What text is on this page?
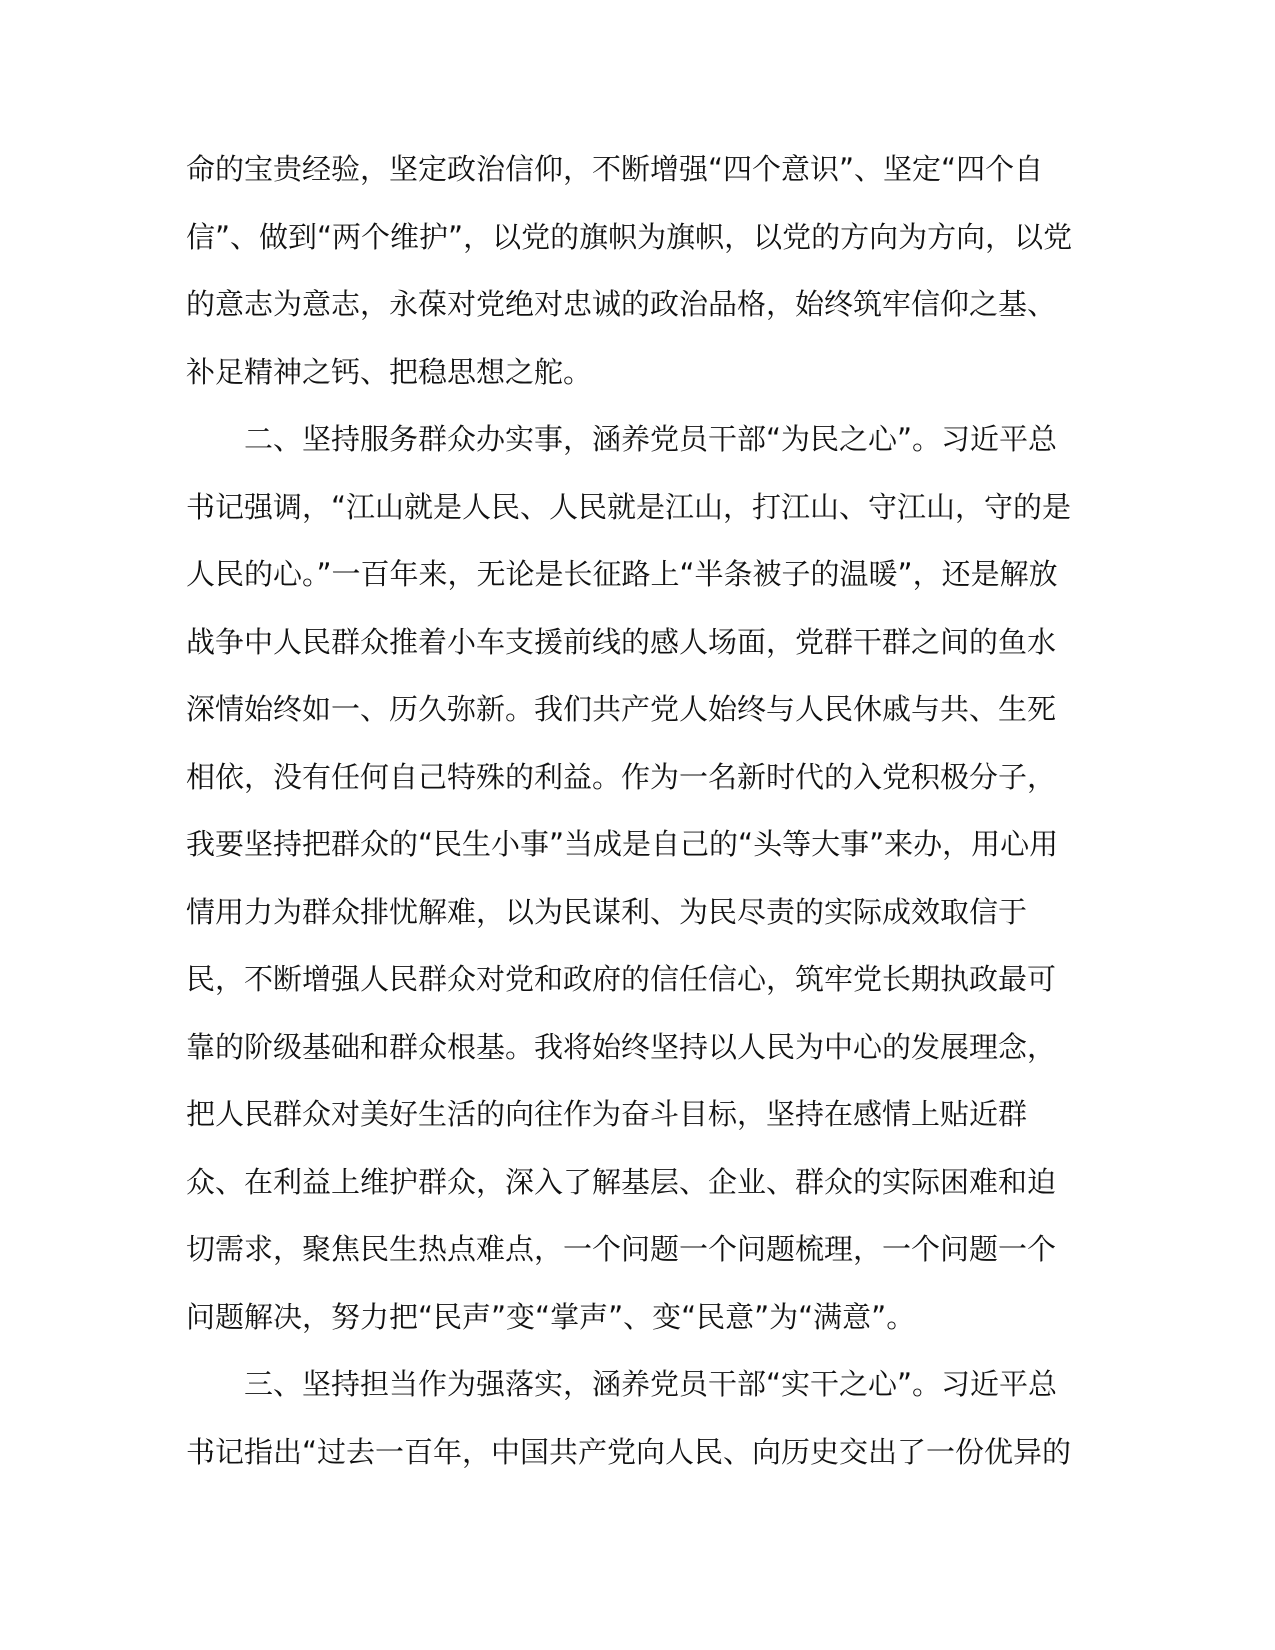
命的宝贵经验，坚定政治信仰，不断增强“四个意识”、坚定“四个自
信”、做到“两个维护”，以党的旗帜为旗帜，以党的方向为方向，以党
的意志为意志，永葆对党绝对忠诚的政治品格，始终筑牢信仰之基、
补足精神之钙、把稳思想之舵。
二、坚持服务群众办实事，涵养党员干部“为民之心”。习近平总
书记强调，“江山就是人民、人民就是江山，打江山、守江山，守的是
人民的心。”一百年来，无论是长征路上“半条被子的温暖”，还是解放
战争中人民群众推着小车支援前线的感人场面，党群干群之间的鱼水
深情始终如一、历久弥新。我们共产党人始终与人民休戚与共、生死
相依，没有任何自己特殊的利益。作为一名新时代的入党积极分子，
我要坚持把群众的“民生小事”当成是自己的“头等大事”来办，用心用
情用力为群众排忧解难，以为民谋利、为民尽责的实际成效取信于
民，不断增强人民群众对党和政府的信任信心，筑牢党长期执政最可
靠的阶级基础和群众根基。我将始终坚持以人民为中心的发展理念，
把人民群众对美好生活的向往作为奋斗目标，坚持在感情上贴近群
众、在利益上维护群众，深入了解基层、企业、群众的实际困难和迫
切需求，聚焦民生热点难点，一个问题一个问题梳理，一个问题一个
问题解决，努力把“民声”变“掌声”、变“民意”为“满意”。
三、坚持担当作为强落实，涵养党员干部“实干之心”。习近平总
书记指出“过去一百年，中国共产党向人民、向历史交出了一份优异的
